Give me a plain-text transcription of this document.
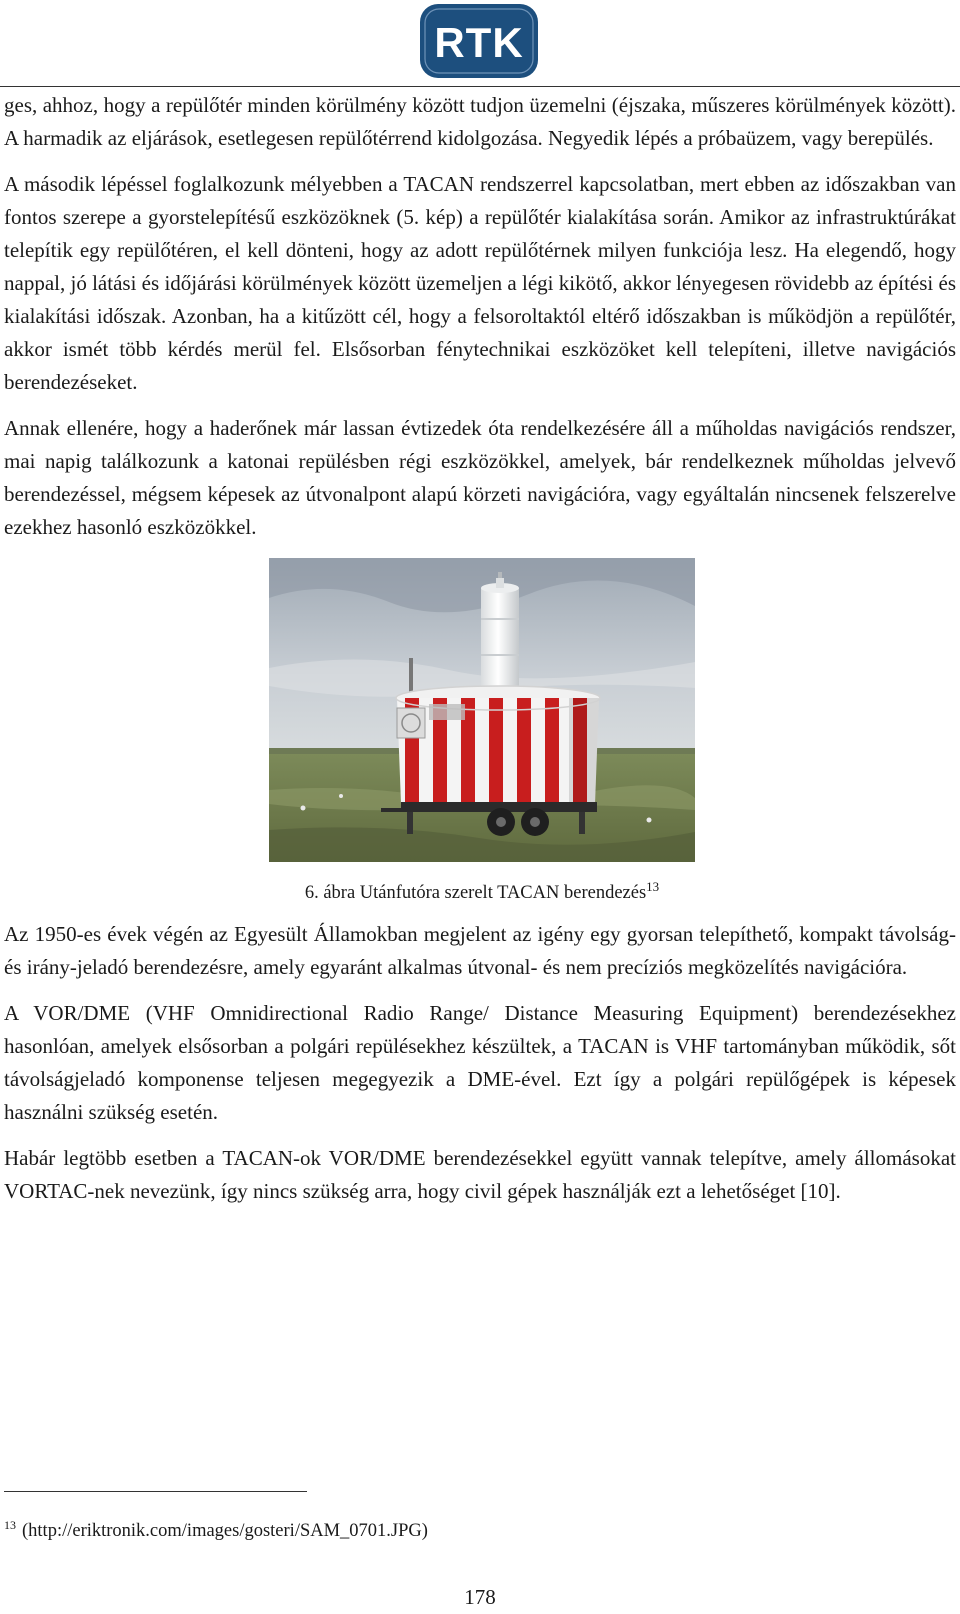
RTK

ges, ahhoz, hogy a repülőtér minden körülmény között tudjon üzemelni (éjszaka, műszeres körülmények között). A harmadik az eljárások, esetlegesen repülőtérrend kidolgozása. Negyedik lépés a próbaüzem, vagy berepülés.

A második lépéssel foglalkozunk mélyebben a TACAN rendszerrel kapcsolatban, mert ebben az időszakban van fontos szerepe a gyorstelepítésű eszközöknek (5. kép) a repülőtér kialakítása során. Amikor az infrastruktúrákat telepítik egy repülőtéren, el kell dönteni, hogy az adott repülőtérnek milyen funkciója lesz. Ha elegendő, hogy nappal, jó látási és időjárási körülmények között üzemeljen a légi kikötő, akkor lényegesen rövidebb az építési és kialakítási időszak. Azonban, ha a kitűzött cél, hogy a felsoroltaktól eltérő időszakban is működjön a repülőtér, akkor ismét több kérdés merül fel. Elsősorban fénytechnikai eszközöket kell telepíteni, illetve navigációs berendezéseket.

Annak ellenére, hogy a haderőnek már lassan évtizedek óta rendelkezésére áll a műholdas navigációs rendszer, mai napig találkozunk a katonai repülésben régi eszközökkel, amelyek, bár rendelkeznek műholdas jelvevő berendezéssel, mégsem képesek az útvonalpont alapú körzeti navigációra, vagy egyáltalán nincsenek felszerelve ezekhez hasonló eszközökkel.

6. ábra Utánfutóra szerelt TACAN berendezés$^{13}$

Az 1950-es évek végén az Egyesült Államokban megjelent az igény egy gyorsan telepíthető, kompakt távolság- és irány-jeladó berendezésre, amely egyaránt alkalmas útvonal- és nem precíziós megközelítés navigációra.

A VOR/DME (VHF Omnidirectional Radio Range/ Distance Measuring Equipment) berendezésekhez hasonlóan, amelyek elsősorban a polgári repülésekhez készültek, a TACAN is VHF tartományban működik, sőt távolságjeladó komponense teljesen megegyezik a DME-ével. Ezt így a polgári repülőgépek is képesek használni szükség esetén.

Habár legtöbb esetben a TACAN-ok VOR/DME berendezésekkel együtt vannak telepítve, amely állomásokat VORTAC-nek nevezünk, így nincs szükség arra, hogy civil gépek használják ezt a lehetőséget [10].

$^{13}$ (http://eriktronik.com/images/gosteri/SAM_0701.JPG)
178
